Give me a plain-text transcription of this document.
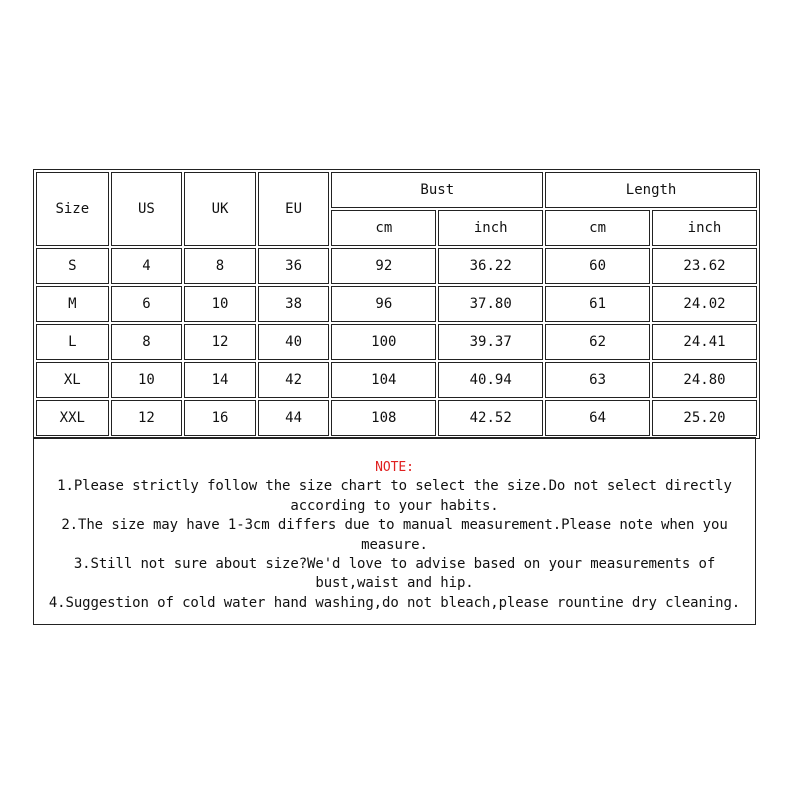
Size	US	UK	EU	Bust		Length	
				cm	inch	cm	inch
S	4	8	36	92	36.22	60	23.62
M	6	10	38	96	37.80	61	24.02
L	8	12	40	100	39.37	62	24.41
XL	10	14	42	104	40.94	63	24.80
XXL	12	16	44	108	42.52	64	25.20
NOTE:
1.Please strictly follow the size chart to select the size.Do not select directly according to your habits.
2.The size may have 1-3cm differs due to manual measurement.Please note when you measure.
3.Still not sure about size?We'd love to advise based on your measurements of bust,waist and hip.
4.Suggestion of cold water hand washing,do not bleach,please rountine dry cleaning.
